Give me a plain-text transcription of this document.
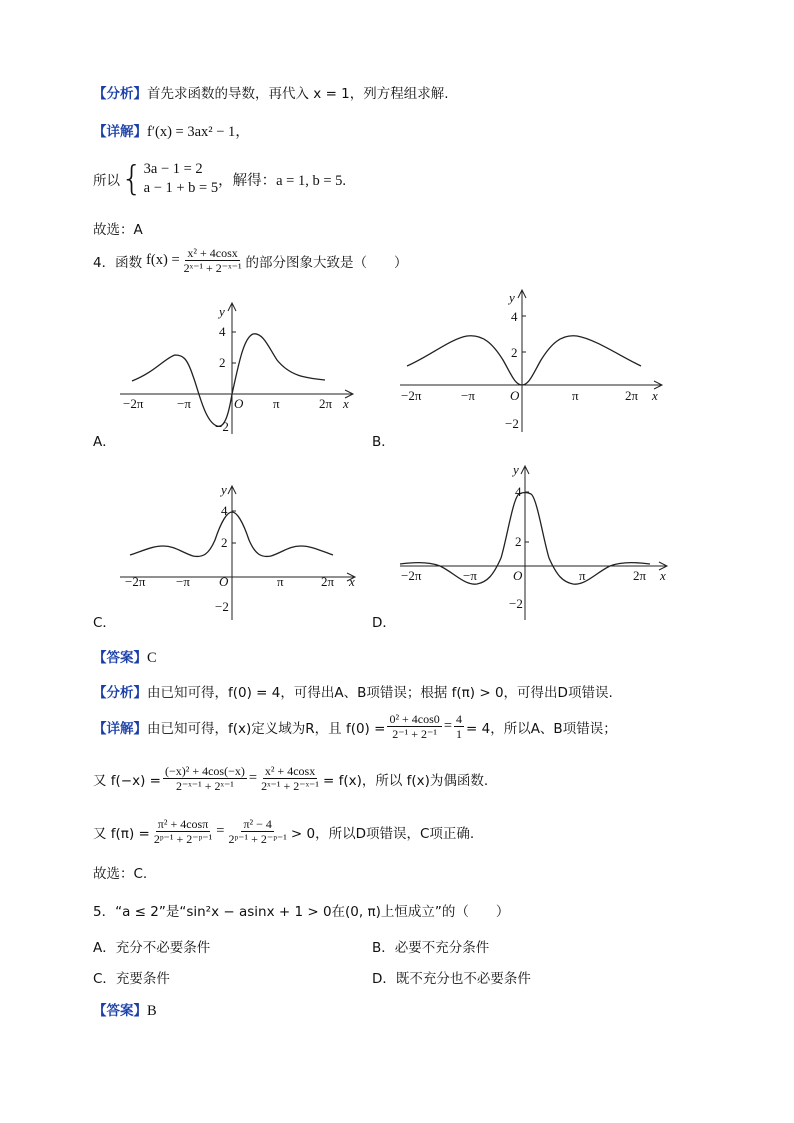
【分析】首先求函数的导数，再代入 x = 1，列方程组求解.
【详解】f′(x) = 3ax² − 1，
所以 { 3a − 1 = 2
a − 1 + b = 5 ，解得：a = 1, b = 5.
故选：A
4．函数 $f(x) = \frac{\text{x² + 4cosx}}{\text{2ˣ⁻¹ + 2⁻ˣ⁻¹}}$ 的部分图象大致是（　　）
y
x
4
2
−2
O
−2π	−π	π	2π
A．
y
x
4
2
−2
O
−2π	−π	π	2π
B．
y
x
4
2
−2
O
−2π −π	π	2π
C．
y
x
4
2
−2
O
−2π	−π	π	2π
D．
【答案】C
【分析】由已知可得，f(0) = 4，可得出A、B项错误；根据 f(π) > 0，可得出D项错误.
【详解】 由已知可得，f(x)定义域为R，且 $f(0) = \frac{\text{0² + 4cos0}}{\text{2⁻¹ + 2⁻¹}} = \frac{4}{1} = 4$，所以A、B项错误；
又 $f(-x) = \frac{\text{(−x)² + 4cos(−x)}}{\text{2⁻ˣ⁻¹ + 2ˣ⁻¹}} = \frac{\text{x² + 4cosx}}{\text{2ˣ⁻¹ + 2⁻ˣ⁻¹}} = f(x)$，所以 f(x)为偶函数.
又 $f(\pi) = \frac{\text{π² + 4cosπ}}{\text{2ᵖ⁻¹ + 2⁻ᵖ⁻¹}} = \frac{\text{π² − 4}}{\text{2ᵖ⁻¹ + 2⁻ᵖ⁻¹}} > 0$，所以D项错误，C项正确.
故选：C.
5．“a ≤ 2”是“sin²x − asinx + 1 > 0在(0, π)上恒成立”的（　　）
A．充分不必要条件	B．必要不充分条件
C．充要条件	D．既不充分也不必要条件
【答案】B
